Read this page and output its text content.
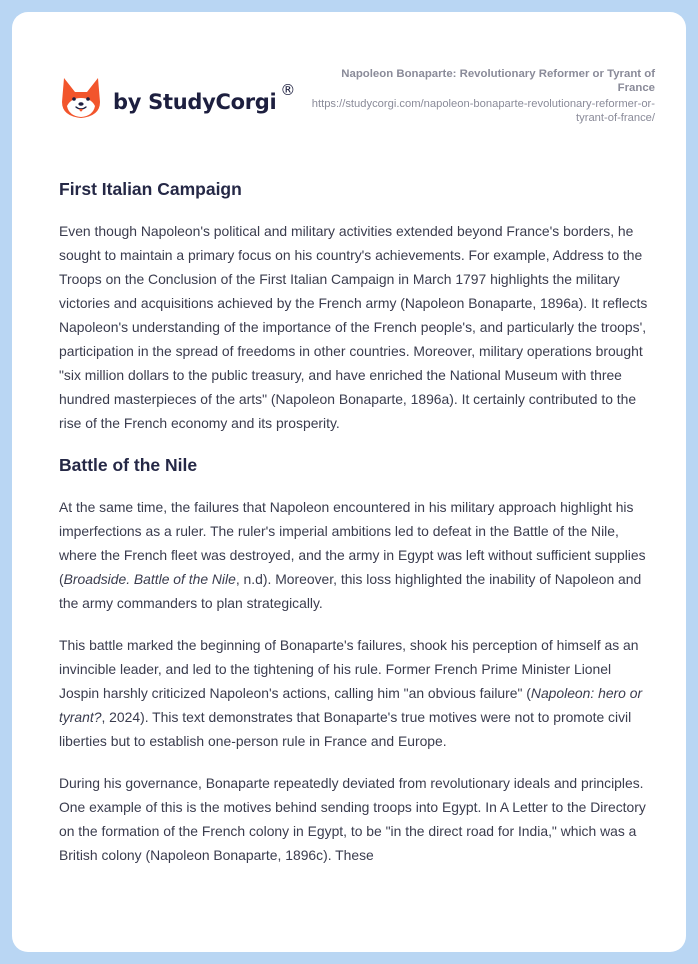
by StudyCorgi ®
Napoleon Bonaparte: Revolutionary Reformer or Tyrant of France
https://studycorgi.com/napoleon-bonaparte-revolutionary-reformer-or-tyrant-of-france/
First Italian Campaign

Even though Napoleon's political and military activities extended beyond France's borders, he sought to maintain a primary focus on his country's achievements. For example, Address to the Troops on the Conclusion of the First Italian Campaign in March 1797 highlights the military victories and acquisitions achieved by the French army (Napoleon Bonaparte, 1896a). It reflects Napoleon's understanding of the importance of the French people's, and particularly the troops', participation in the spread of freedoms in other countries. Moreover, military operations brought "six million dollars to the public treasury, and have enriched the National Museum with three hundred masterpieces of the arts" (Napoleon Bonaparte, 1896a). It certainly contributed to the rise of the French economy and its prosperity.

Battle of the Nile

At the same time, the failures that Napoleon encountered in his military approach highlight his imperfections as a ruler. The ruler's imperial ambitions led to defeat in the Battle of the Nile, where the French fleet was destroyed, and the army in Egypt was left without sufficient supplies (Broadside. Battle of the Nile, n.d). Moreover, this loss highlighted the inability of Napoleon and the army commanders to plan strategically.

This battle marked the beginning of Bonaparte's failures, shook his perception of himself as an invincible leader, and led to the tightening of his rule. Former French Prime Minister Lionel Jospin harshly criticized Napoleon's actions, calling him "an obvious failure" (Napoleon: hero or tyrant?, 2024). This text demonstrates that Bonaparte's true motives were not to promote civil liberties but to establish one-person rule in France and Europe.

During his governance, Bonaparte repeatedly deviated from revolutionary ideals and principles. One example of this is the motives behind sending troops into Egypt. In A Letter to the Directory on the formation of the French colony in Egypt, to be "in the direct road for India," which was a British colony (Napoleon Bonaparte, 1896c). These
